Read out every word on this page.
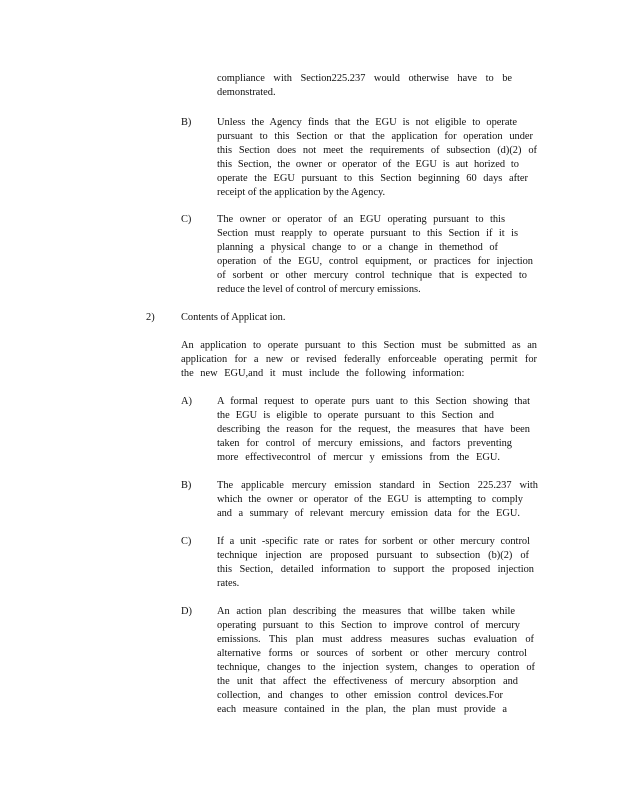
compliance with Section225.237 would otherwise have to be
demonstrated.
B) Unless the Agency finds that the EGU is not eligible to operate
pursuant to this Section or that the application for operation under
this Section does not meet the requirements of subsection (d)(2) of
this Section, the owner or operator of the EGU is aut horized to
operate the EGU pursuant to this Section beginning 60 days after
receipt of the application by the Agency.
C) The owner or operator of an EGU operating pursuant to this
Section must reapply to operate pursuant to this Section if it is
planning a physical change to or a change in themethod of
operation of the EGU, control equipment, or practices for injection
of sorbent or other mercury control technique that is expected to
reduce the level of control of mercury emissions.
2)	Contents of Applicat ion.
An application to operate pursuant to this Section must be submitted as an
application for a new or revised federally enforceable operating permit for
the new EGU,and it must include the following information:
A) A formal request to operate purs uant to this Section showing that
the EGU is eligible to operate pursuant to this Section and
describing the reason for the request, the measures that have been
taken for control of mercury emissions, and factors preventing
more effectivecontrol of mercur y emissions from the EGU.
B) The applicable mercury emission standard in Section 225.237 with
which the owner or operator of the EGU is attempting to comply
and a summary of relevant mercury emission data for the EGU.
C) If a unit -specific rate or rates for sorbent or other mercury control
technique injection are proposed pursuant to subsection (b)(2) of
this Section, detailed information to support the proposed injection
rates.
D) An action plan describing the measures that willbe taken while
operating pursuant to this Section to improve control of mercury
emissions. This plan must address measures suchas evaluation of
alternative forms or sources of sorbent or other mercury control
technique, changes to the injection system, changes to operation of
the unit that affect the effectiveness of mercury absorption and
collection, and changes to other emission control devices.For
each measure contained in the plan, the plan must provide a
